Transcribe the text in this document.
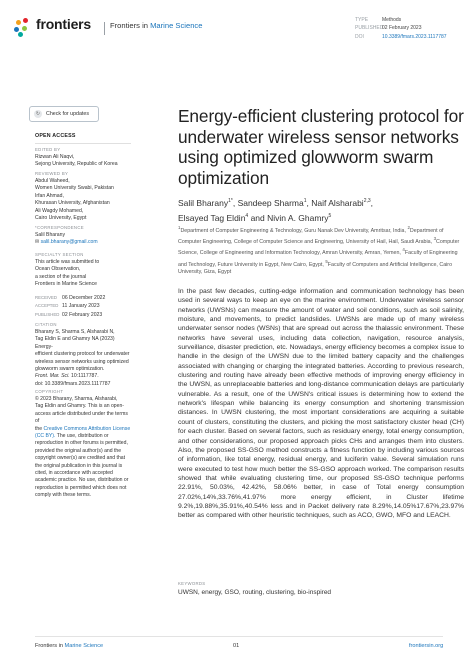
frontiers	Frontiers in Marine Science
TYPE	Methods
PUBLISHED02 February 2023
DOI	10.3389/fmars.2023.1117787
↻	Check for updates
OPEN ACCESS
EDITED BY
Rizwan Ali Naqvi,
Sejong University, Republic of Korea
REVIEWED BY
Abdul Waheed,
Women University Swabi, Pakistan
Irfan Ahmad,
Khurasan University, Afghanistan
Ali Wagdy Mohamed,
Cairo University, Egypt
*CORRESPONDENCE
Salil Bharany
✉ salil.bharany@gmail.com
SPECIALTY SECTION
This article was submitted to
Ocean Observation,
a section of the journal
Frontiers in Marine Science
RECEIVED 06 December 2022
ACCEPTED 11 January 2023
PUBLISHED 02 February 2023
CITATION
Bharany S, Sharma S, Alsharabi N,
Tag Eldin E and Ghamry NA (2023) Energy-
efficient clustering protocol for underwater
wireless sensor networks using optimized
glowworm swarm optimization.
Front. Mar. Sci. 10:1117787.
doi: 10.3389/fmars.2023.1117787
COPYRIGHT
© 2023 Bharany, Sharma, Alsharabi,
Tag Eldin and Ghamry. This is an open-
access article distributed under the terms of
the Creative Commons Attribution License
(CC BY). The use, distribution or
reproduction in other forums is permitted,
provided the original author(s) and the
copyright owner(s) are credited and that
the original publication in this journal is
cited, in accordance with accepted
academic practice. No use, distribution or
reproduction is permitted which does not
comply with these terms.
Energy-efficient clustering protocol for underwater wireless sensor networks using optimized glowworm swarm optimization
Salil Bharany$^{1*}$, Sandeep Sharma$^1$, Naif Alsharabi$^{2,3}$,
Elsayed Tag Eldin$^4$ and Nivin A. Ghamry$^5$
$^1$Department of Computer Engineering & Technology, Guru Nanak Dev University, Amritsar, India, $^2$Department of Computer Engineering, College of Computer Science and Engineering, University of Hail, Hail, Saudi Arabia, $^3$Computer Science, College of Engineering and Information Technology, Amran University, Amran, Yemen, $^4$Faculty of Engineering and Technology, Future University in Egypt, New Cairo, Egypt, $^5$Faculty of Computers and Artificial Intelligence, Cairo University, Giza, Egypt
In the past few decades, cutting-edge information and communication technology has been used in several ways to keep an eye on the marine environment. Underwater wireless sensor networks (UWSNs) can measure the amount of water and soil conditions, such as soil salinity, moisture, and movements, to predict landslides. UWSNs are made up of many wireless underwater sensor nodes (WSNs) that are spread out across the thalassic environment. These networks have several uses, including data collection, navigation, resource analysis, surveillance, disaster prediction, etc. Nowadays, energy efficiency becomes a complex issue to handle in the design of the UWSN due to the limited battery capacity and the challenges associated with changing or charging the integrated batteries. According to previous research, clustering and routing have already been effective methods of improving energy efficiency in the UWSN, as unreplaceable batteries and long-distance communication delays are particularly vulnerable. As a result, one of the UWSN's critical issues is determining how to extend the network's lifespan while balancing its energy consumption and shortening transmission distances. In UWSN clustering, the most important considerations are acquiring a suitable count of clusters, constituting the clusters, and picking the most satisfactory cluster head (CH) for each cluster. Based on several factors, such as residuary energy, total energy consumption, and other considerations, our proposed approach picks CHs and arranges them into clusters. Also, the proposed SS-GSO method constructs a fitness function by including various sources of information, like total energy, residual energy, and luciferin value. Several simulation runs were executed to test how much better the SS-GSO approach worked. The comparison results showed that while evaluating clustering time, our proposed SS-GSO technique performs 22.91%, 50.03%, 42.42%, 58.06% better, in case of Total energy consumption 27.02%,14%,33.76%,41.97% more energy efficient, in Cluster lifetime 9.2%,19.88%,35.91%,40.54% less and in Packet delivery rate 8.29%,14.05%17.67%,23.97% better as compared with other heuristic techniques, such as ACO, GWO, MFO and LEACH.
KEYWORDS
UWSN, energy, GSO, routing, clustering, bio-inspired
Frontiers in Marine Science	01	frontiersin.org
